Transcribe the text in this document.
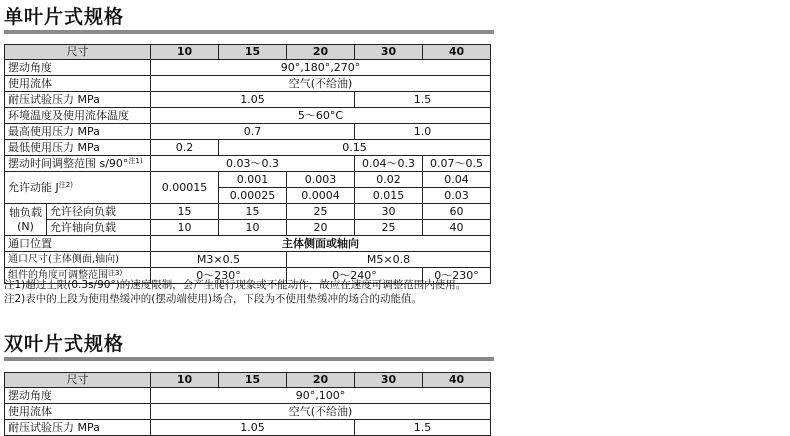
单叶片式规格
尺寸		10	15	20	30	40
摆动角度		90°,180°,270°				
使用流体		空气(不给油)				
耐压试验压力 MPa		1.05			1.5	
环境温度及使用流体温度		5～60°C				
最高使用压力 MPa		0.7			1.0	
最低使用压力 MPa		0.2	0.15			
摆动时间调整范围 s/90°$^{注1)}$		0.03～0.3			0.04～0.3	0.07～0.5
允许动能 $J^{注2)}$		0.00015	0.001	0.003	0.02	0.04
			0.00025	0.0004	0.015	0.03
轴负载
(N)	允许径向负载	15	15	25	30	60
	允许轴向负载	10	10	20	25	40
通口位置		主体侧面或轴向				
通口尺寸(主体侧面,轴向)		M3×0.5		M5×0.8		
组件的角度可调整范围$^{注3)}$		0～230°		0～240°		0～230°
注1)超过上限(0.3s/90°)的速度限制，会产生爬行现象或不能动作，故应在速度可调整范围内使用。
注2)表中的上段为使用垫缓冲的(摆动端使用)场合，下段为不使用垫缓冲的场合的动能值。
双叶片式规格
尺寸	10	15	20	30	40
摆动角度	90°,100°				
使用流体	空气(不给油)				
耐压试验压力 MPa	1.05			1.5	
